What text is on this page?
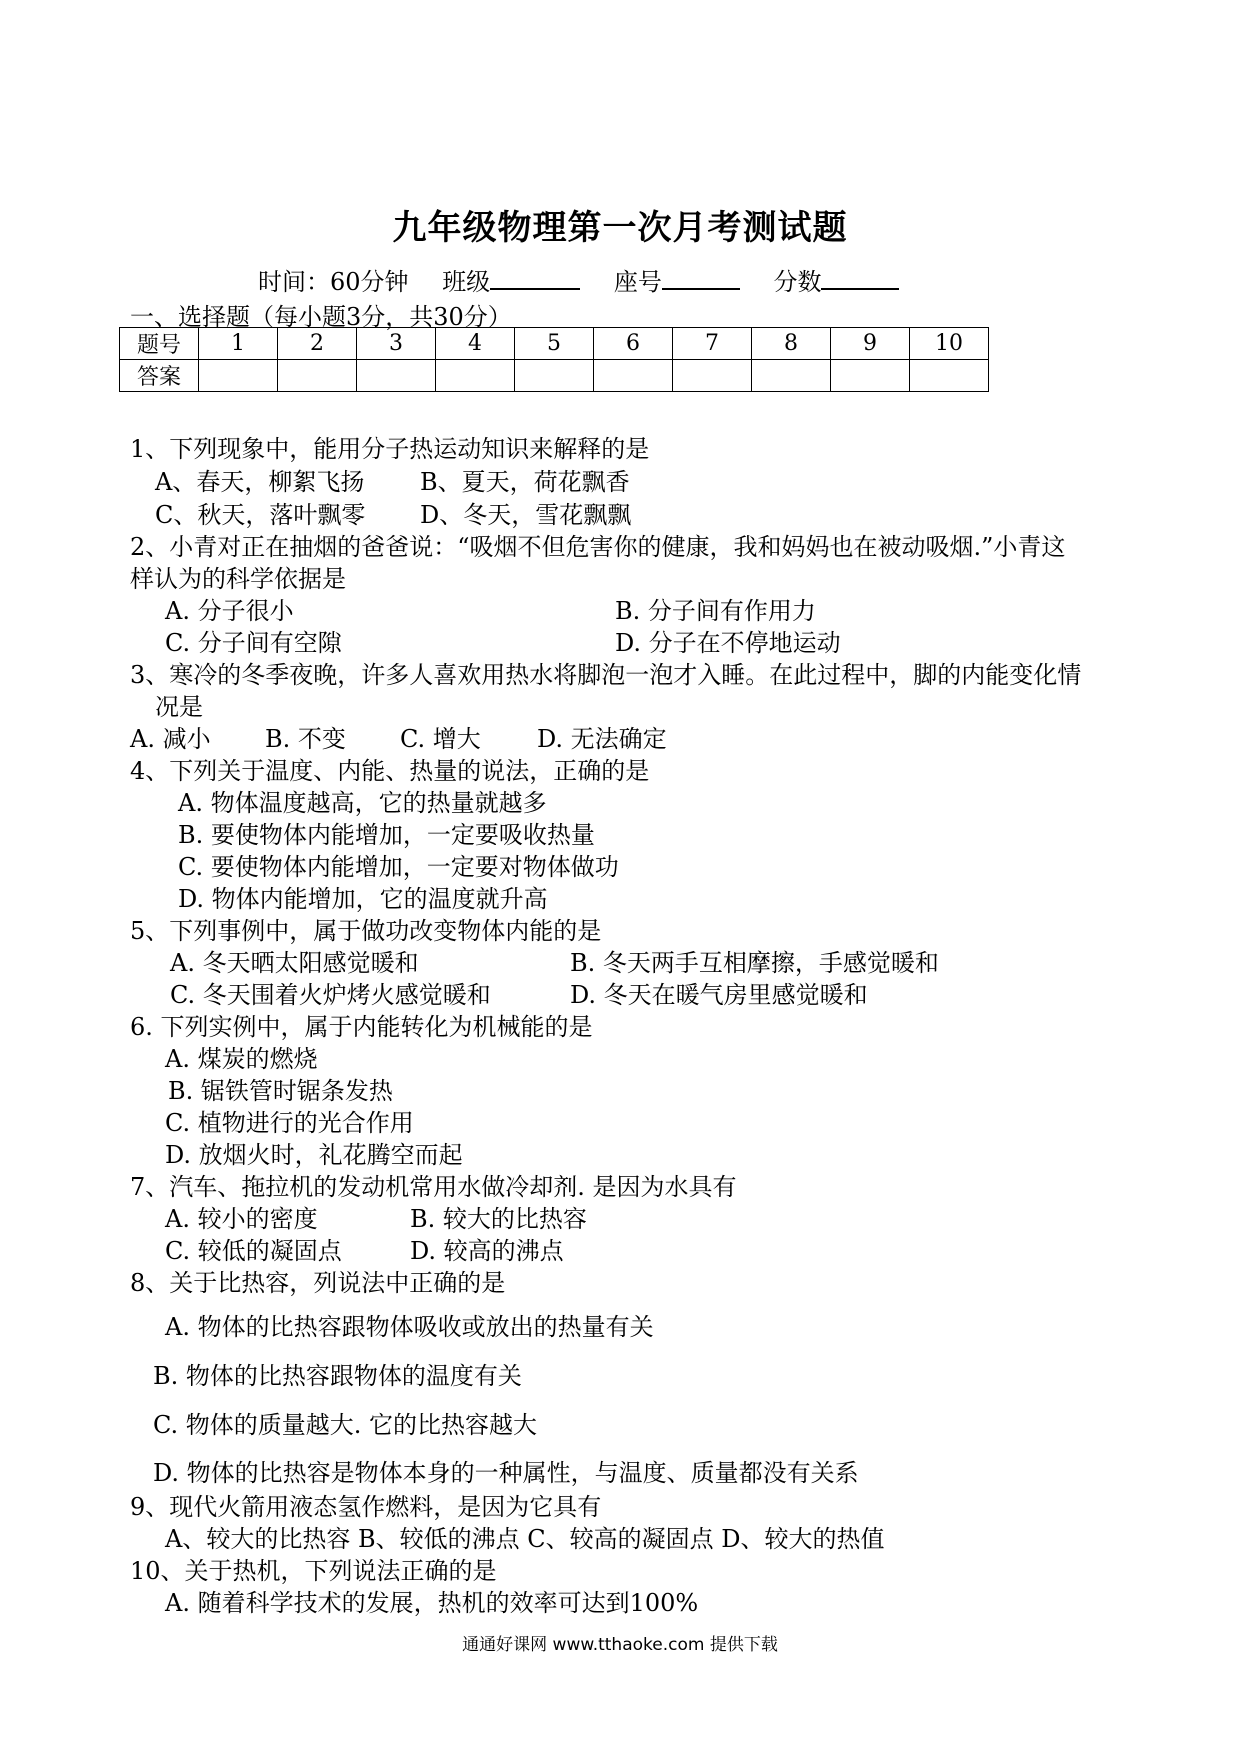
九年级物理第一次月考测试题
时间：60分钟 班级	座号	分数
一、选择题（每小题3分，共30分）
题号	1	2	3	4	5	6	7	8	9	10
答案										
1、下列现象中，能用分子热运动知识来解释的是
A、春天，柳絮飞扬 B、夏天，荷花飘香
C、秋天，落叶飘零 D、冬天，雪花飘飘
2、小青对正在抽烟的爸爸说：“吸烟不但危害你的健康，我和妈妈也在被动吸烟.”小青这
样认为的科学依据是
A. 分子很小	B. 分子间有作用力
C. 分子间有空隙	D. 分子在不停地运动
3、寒冷的冬季夜晚，许多人喜欢用热水将脚泡一泡才入睡。在此过程中，脚的内能变化情
况是
A. 减小 B. 不变 C. 增大 D. 无法确定
4、下列关于温度、内能、热量的说法，正确的是
A. 物体温度越高，它的热量就越多
B. 要使物体内能增加，一定要吸收热量
C. 要使物体内能增加，一定要对物体做功
D. 物体内能增加，它的温度就升高
5、下列事例中，属于做功改变物体内能的是
A. 冬天晒太阳感觉暖和	B. 冬天两手互相摩擦，手感觉暖和
C. 冬天围着火炉烤火感觉暖和	D. 冬天在暖气房里感觉暖和
6. 下列实例中，属于内能转化为机械能的是
A. 煤炭的燃烧
B. 锯铁管时锯条发热
C. 植物进行的光合作用
D. 放烟火时，礼花腾空而起
7、汽车、拖拉机的发动机常用水做冷却剂. 是因为水具有
A. 较小的密度	B. 较大的比热容
C. 较低的凝固点	D. 较高的沸点
8、关于比热容，列说法中正确的是
A. 物体的比热容跟物体吸收或放出的热量有关
B. 物体的比热容跟物体的温度有关
C. 物体的质量越大. 它的比热容越大
D. 物体的比热容是物体本身的一种属性，与温度、质量都没有关系
9、现代火箭用液态氢作燃料，是因为它具有
A、较大的比热容 B、较低的沸点 C、较高的凝固点 D、较大的热值
10、关于热机，下列说法正确的是
A. 随着科学技术的发展，热机的效率可达到100%
通通好课网 www.tthaoke.com 提供下载
